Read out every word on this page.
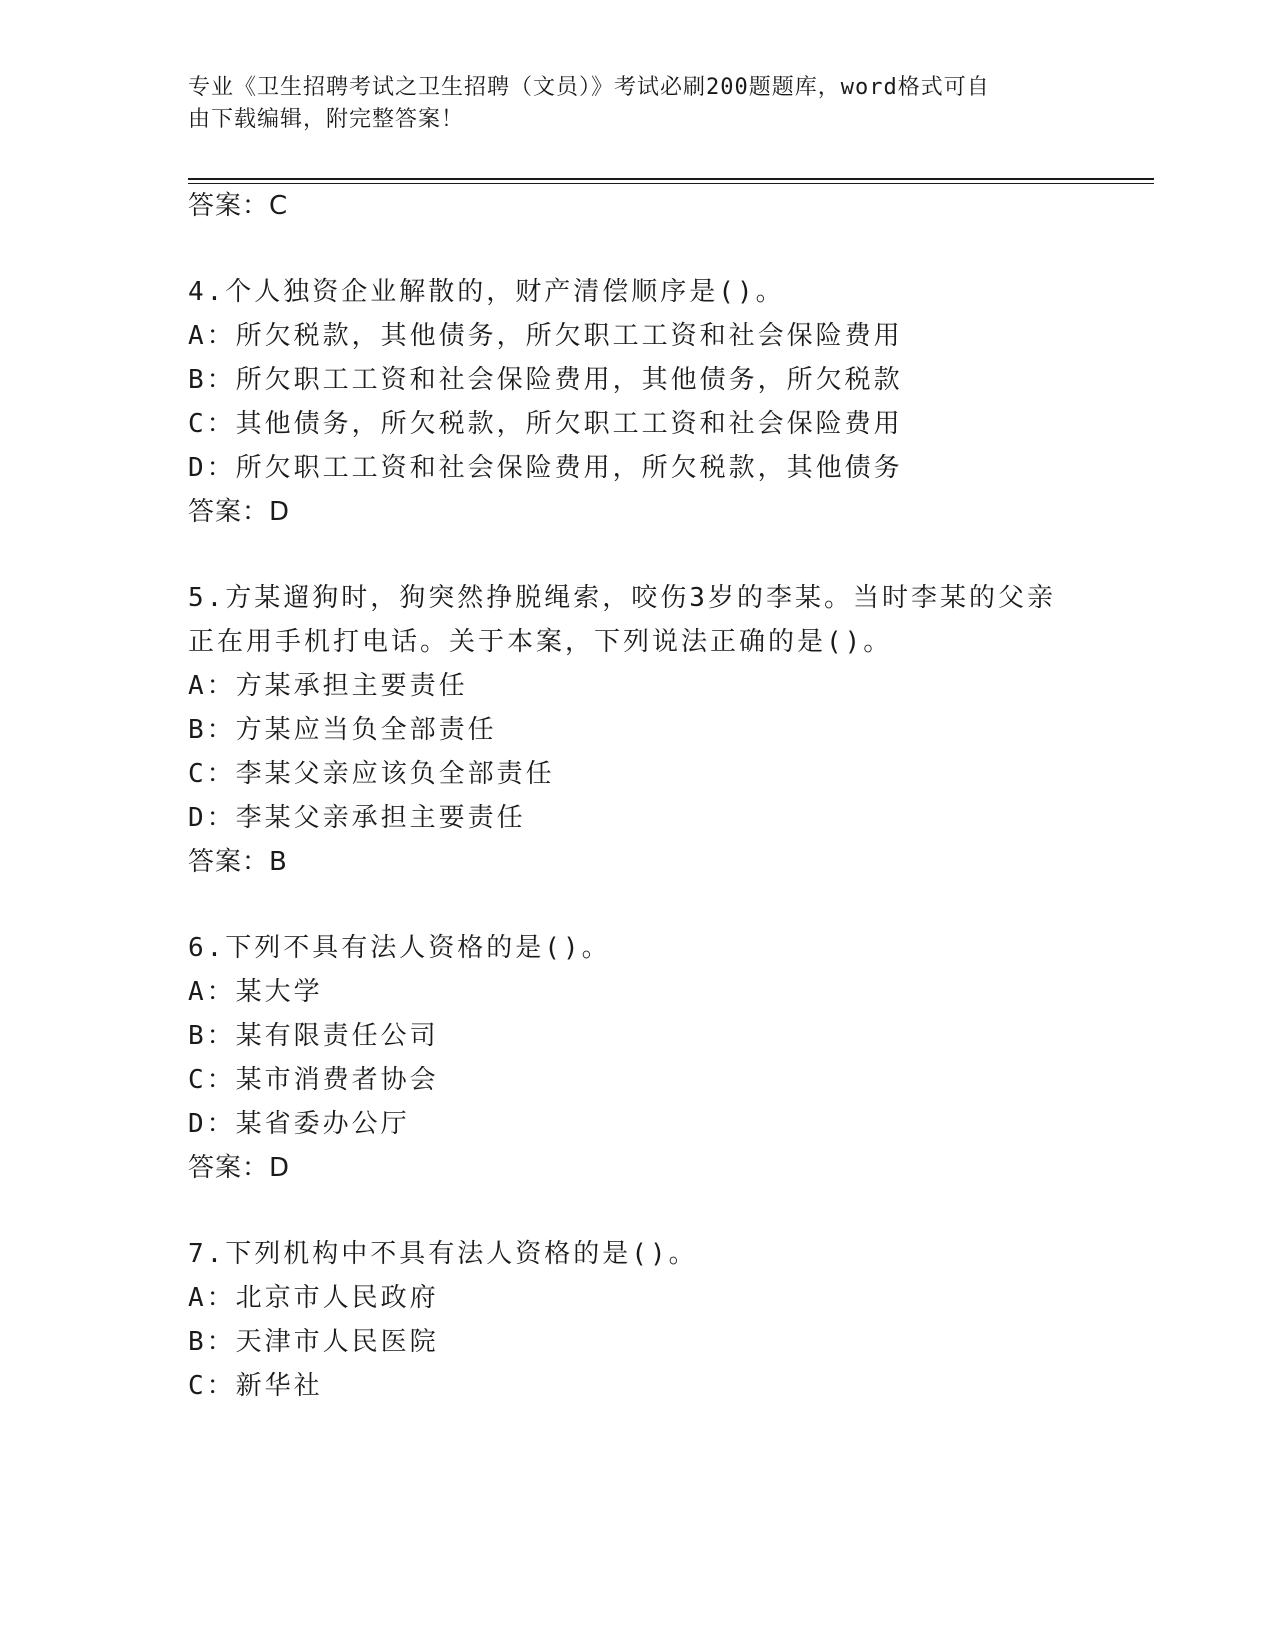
专业《卫生招聘考试之卫生招聘（文员）》考试必刷200题题库，word格式可自
由下载编辑，附完整答案！
答案：C
4.个人独资企业解散的，财产清偿顺序是()。
A：所欠税款，其他债务，所欠职工工资和社会保险费用
B：所欠职工工资和社会保险费用，其他债务，所欠税款
C：其他债务，所欠税款，所欠职工工资和社会保险费用
D：所欠职工工资和社会保险费用，所欠税款，其他债务
答案：D
5.方某遛狗时，狗突然挣脱绳索，咬伤3岁的李某。当时李某的父亲
正在用手机打电话。关于本案，下列说法正确的是()。
A：方某承担主要责任
B：方某应当负全部责任
C：李某父亲应该负全部责任
D：李某父亲承担主要责任
答案：B
6.下列不具有法人资格的是()。
A：某大学
B：某有限责任公司
C：某市消费者协会
D：某省委办公厅
答案：D
7.下列机构中不具有法人资格的是()。
A：北京市人民政府
B：天津市人民医院
C：新华社
